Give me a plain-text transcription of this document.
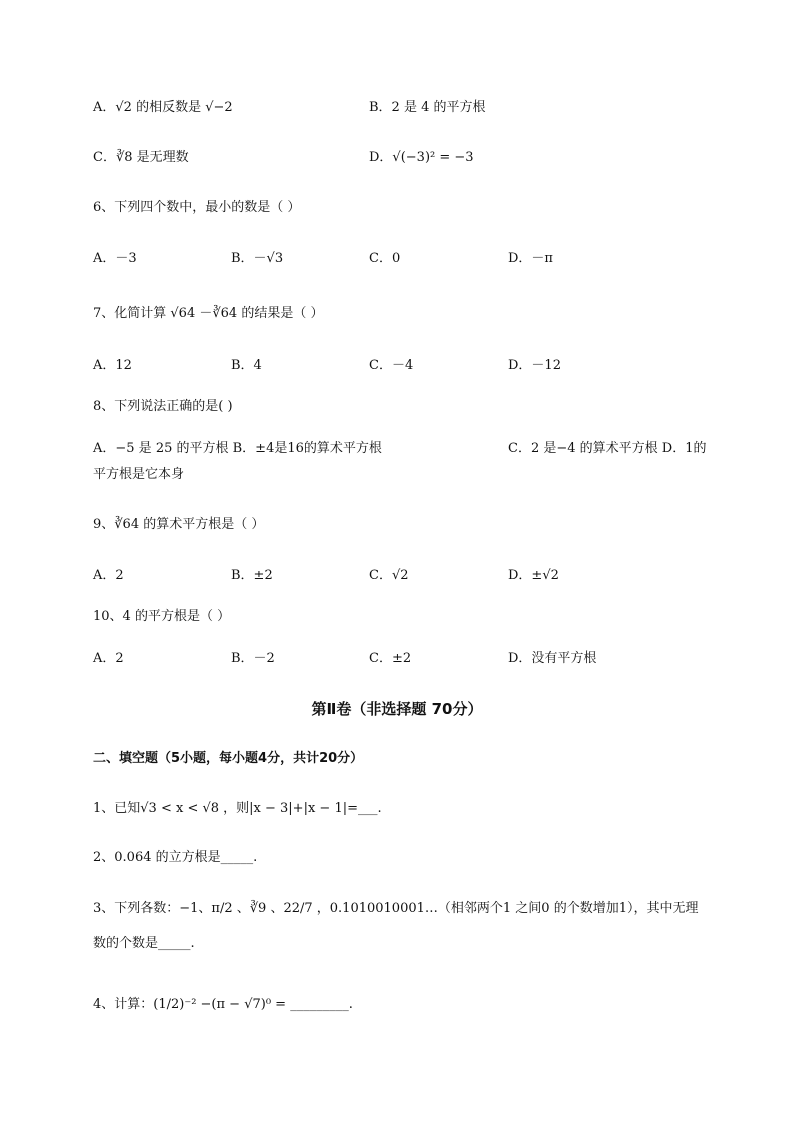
A．√2 的相反数是 √−2	B．2 是 4 的平方根
C．∛8 是无理数	D．√(−3)² = −3
6、下列四个数中，最小的数是（ ）
A．－3	B．－√3	C．0	D．－π
7、化简计算 √64 －∛64 的结果是（ ）
A．12	B．4	C．－4	D．－12
8、下列说法正确的是( )
A．−5 是 25 的平方根 B．±4是16的算术平方根	C．2 是−4 的算术平方根 D．1的
平方根是它本身
9、∛64 的算术平方根是（ ）
A．2	B．±2	C．√2	D．±√2
10、4 的平方根是（ ）
A．2	B．－2	C．±2	D．没有平方根
第Ⅱ卷（非选择题 70分）
二、填空题（5小题，每小题4分，共计20分）
1、已知√3 < x < √8 ，则|x − 3|+|x − 1|=___.
2、0.064 的立方根是_____.
3、下列各数：−1、π/2 、∛9 、22/7 ，0.1010010001…（相邻两个1 之间0 的个数增加1），其中无理
数的个数是_____.
4、计算：(1/2)⁻² −(π − √7)⁰ = _________.
